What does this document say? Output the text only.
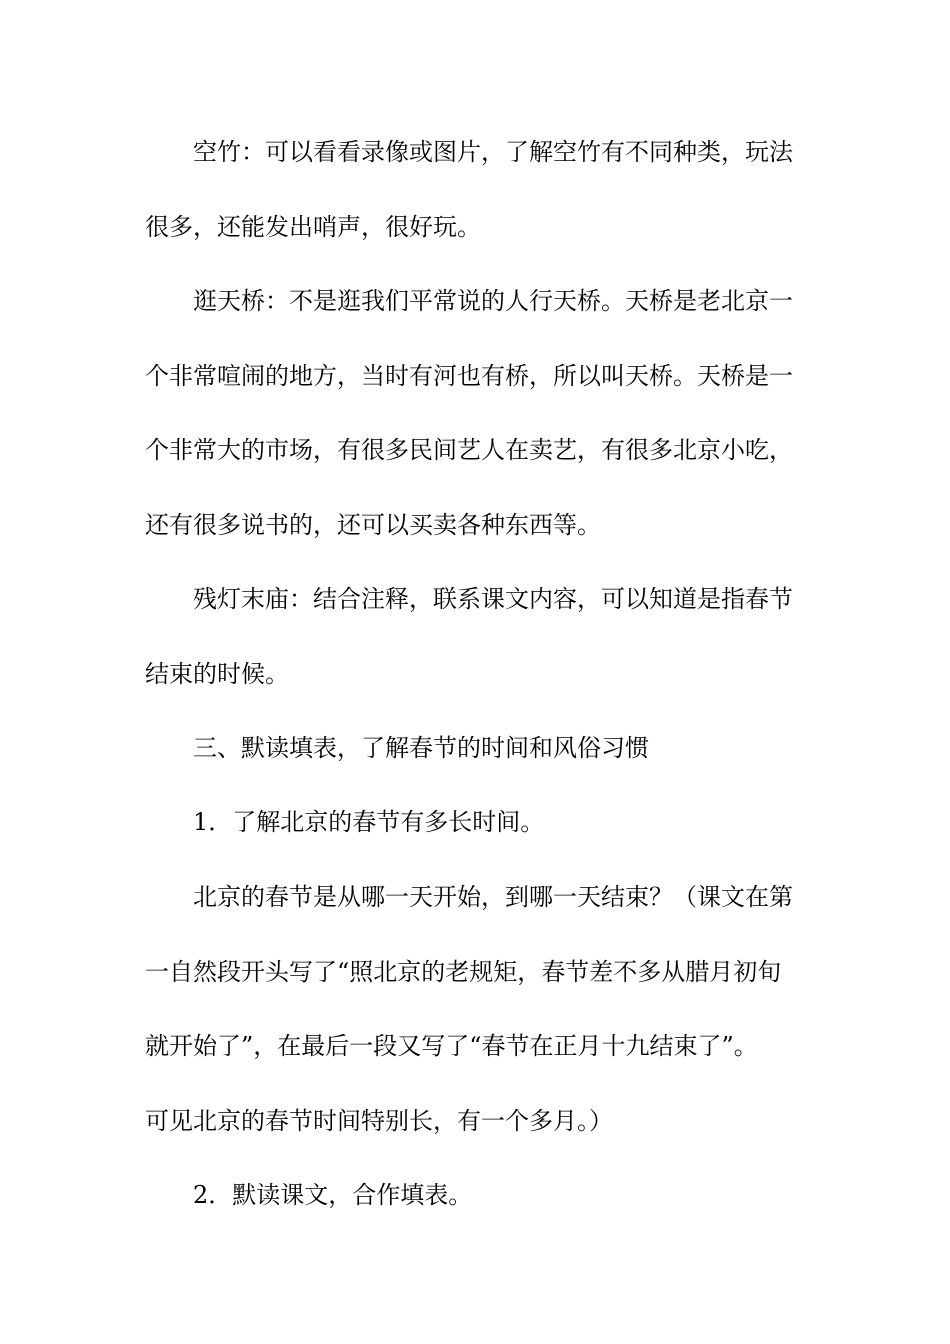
空竹：可以看看录像或图片，了解空竹有不同种类，玩法
很多，还能发出哨声，很好玩。
逛天桥：不是逛我们平常说的人行天桥。天桥是老北京一
个非常喧闹的地方，当时有河也有桥，所以叫天桥。天桥是一
个非常大的市场，有很多民间艺人在卖艺，有很多北京小吃，
还有很多说书的，还可以买卖各种东西等。
残灯末庙：结合注释，联系课文内容，可以知道是指春节
结束的时候。
三、默读填表，了解春节的时间和风俗习惯
1．了解北京的春节有多长时间。
北京的春节是从哪一天开始，到哪一天结束？（课文在第
一自然段开头写了“照北京的老规矩，春节差不多从腊月初旬
就开始了”，在最后一段又写了“春节在正月十九结束了”。
可见北京的春节时间特别长，有一个多月。）
2．默读课文，合作填表。
